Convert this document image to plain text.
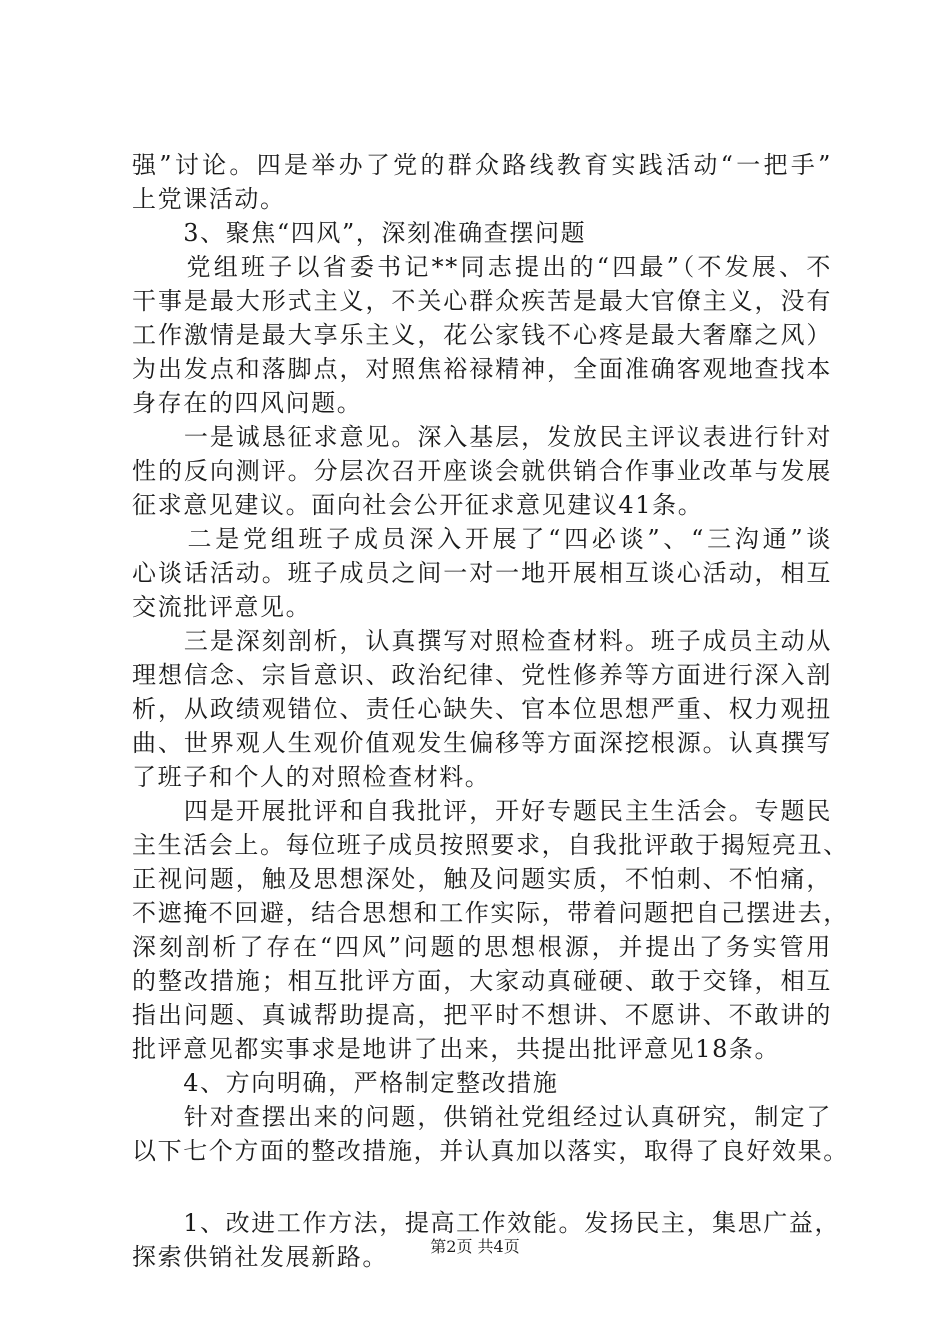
强”讨论。四是举办了党的群众路线教育实践活动“一把手”
上党课活动。
　　3、聚焦“四风”，深刻准确查摆问题
　　党组班子以省委书记**同志提出的“四最”（不发展、不
干事是最大形式主义，不关心群众疾苦是最大官僚主义，没有
工作激情是最大享乐主义，花公家钱不心疼是最大奢靡之风）
为出发点和落脚点，对照焦裕禄精神，全面准确客观地查找本
身存在的四风问题。
　　一是诚恳征求意见。深入基层，发放民主评议表进行针对
性的反向测评。分层次召开座谈会就供销合作事业改革与发展
征求意见建议。面向社会公开征求意见建议41条。
　　二是党组班子成员深入开展了“四必谈”、“三沟通”谈
心谈话活动。班子成员之间一对一地开展相互谈心活动，相互
交流批评意见。
　　三是深刻剖析，认真撰写对照检查材料。班子成员主动从
理想信念、宗旨意识、政治纪律、党性修养等方面进行深入剖
析，从政绩观错位、责任心缺失、官本位思想严重、权力观扭
曲、世界观人生观价值观发生偏移等方面深挖根源。认真撰写
了班子和个人的对照检查材料。
　　四是开展批评和自我批评，开好专题民主生活会。专题民
主生活会上。每位班子成员按照要求，自我批评敢于揭短亮丑、
正视问题，触及思想深处，触及问题实质，不怕刺、不怕痛，
不遮掩不回避，结合思想和工作实际，带着问题把自己摆进去，
深刻剖析了存在“四风”问题的思想根源，并提出了务实管用
的整改措施；相互批评方面，大家动真碰硬、敢于交锋，相互
指出问题、真诚帮助提高，把平时不想讲、不愿讲、不敢讲的
批评意见都实事求是地讲了出来，共提出批评意见18条。
　　4、方向明确，严格制定整改措施
　　针对查摆出来的问题，供销社党组经过认真研究，制定了
以下七个方面的整改措施，并认真加以落实，取得了良好效果。
　　1、改进工作方法，提高工作效能。发扬民主，集思广益，
探索供销社发展新路。	第2页 共4页
